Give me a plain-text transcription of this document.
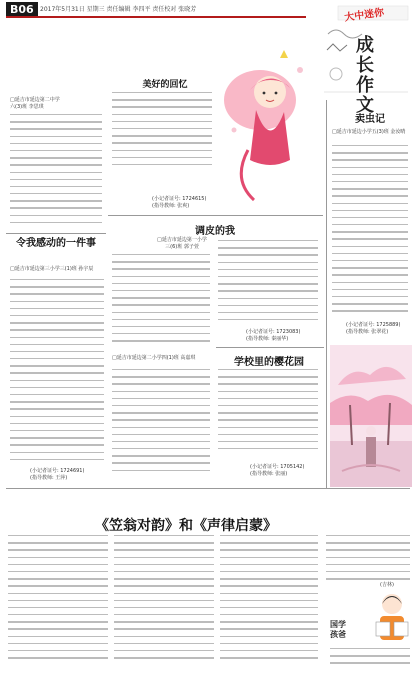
B06	2017年5月31日 星期三 责任编辑 李四平 责任校对 张晓芳	大中迷你
成长作文
美好的回忆
□延吉市延边第二中学
六(3)班 李思琪
(小记者证号: 1724615)
(指导教师: 张爽)
卖虫记
□延吉市延边小学五(3)班 金汝晴
(小记者证号: 1725889)
(指导教师: 张翠花)
令我感动的一件事
□延吉市延边第三小学三(1)班 孙宇辰
(小记者证号: 1724691)
(指导教师: 王萍)
调皮的我
□延吉市延边第一小学
三(6)班 郭子萱
(小记者证号: 1723083)
(指导教师: 秦丽华)
学校里的樱花园
□延吉市延边第二小学四(1)班 高嘉琪
(小记者证号: 1705142)
(指导教师: 张丽)
《笠翁对韵》和《声律启蒙》
(吉林)
国学
孩爸
